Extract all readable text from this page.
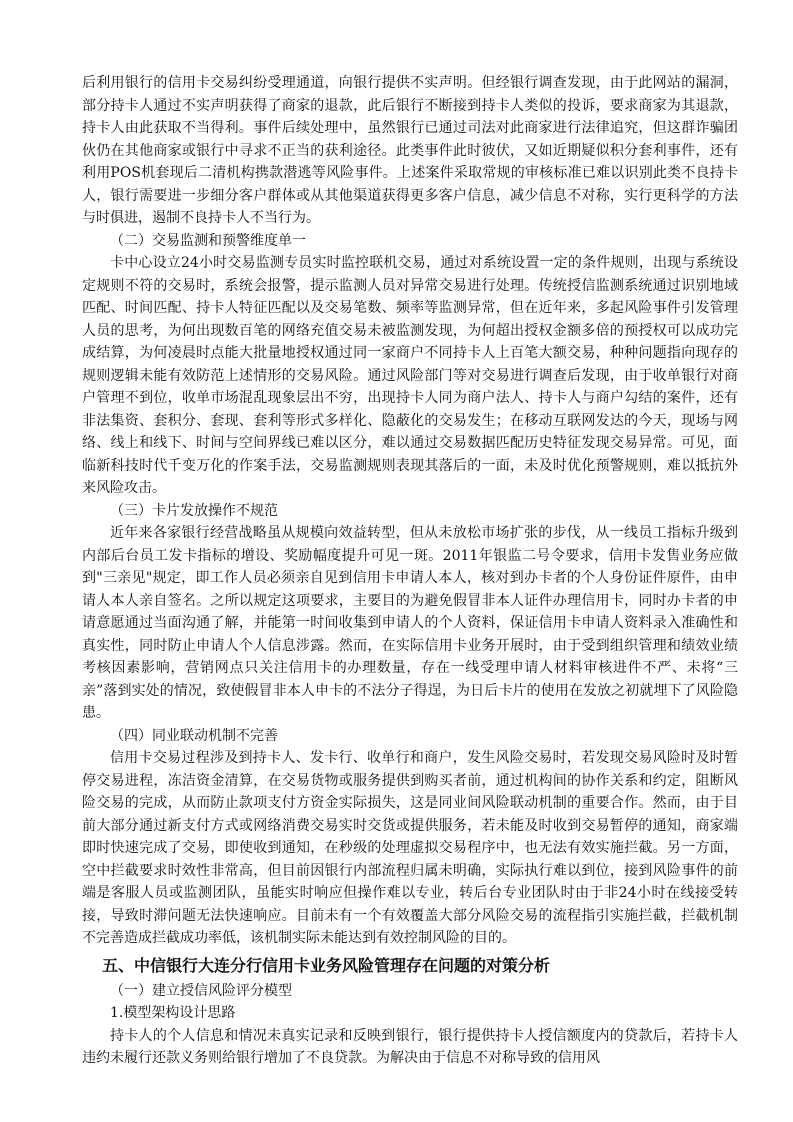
后利用银行的信用卡交易纠纷受理通道，向银行提供不实声明。但经银行调查发现，由于此网站的漏洞，部分持卡人通过不实声明获得了商家的退款，此后银行不断接到持卡人类似的投诉，要求商家为其退款，持卡人由此获取不当得利。事件后续处理中，虽然银行已通过司法对此商家进行法律追究，但这群诈骗团伙仍在其他商家或银行中寻求不正当的获利途径。此类事件此时彼伏，又如近期疑似积分套利事件，还有利用POS机套现后二清机构携款潜逃等风险事件。上述案件采取常规的审核标准已难以识别此类不良持卡人，银行需要进一步细分客户群体或从其他渠道获得更多客户信息，减少信息不对称，实行更科学的方法与时俱进，遏制不良持卡人不当行为。

（二）交易监测和预警维度单一

卡中心设立24小时交易监测专员实时监控联机交易，通过对系统设置一定的条件规则，出现与系统设定规则不符的交易时，系统会报警，提示监测人员对异常交易进行处理。传统授信监测系统通过识别地域匹配、时间匹配、持卡人特征匹配以及交易笔数、频率等监测异常，但在近年来，多起风险事件引发管理人员的思考，为何出现数百笔的网络充值交易未被监测发现，为何超出授权金额多倍的预授权可以成功完成结算，为何凌晨时点能大批量地授权通过同一家商户不同持卡人上百笔大额交易，种种问题指向现存的规则逻辑未能有效防范上述情形的交易风险。通过风险部门等对交易进行调查后发现，由于收单银行对商户管理不到位，收单市场混乱现象层出不穷，出现持卡人同为商户法人、持卡人与商户勾结的案件，还有非法集资、套积分、套现、套利等形式多样化、隐蔽化的交易发生；在移动互联网发达的今天，现场与网络、线上和线下、时间与空间界线已难以区分，难以通过交易数据匹配历史特征发现交易异常。可见，面临新科技时代千变万化的作案手法，交易监测规则表现其落后的一面，未及时优化预警规则，难以抵抗外来风险攻击。

（三）卡片发放操作不规范

近年来各家银行经营战略虽从规模向效益转型，但从未放松市场扩张的步伐，从一线员工指标升级到内部后台员工发卡指标的增设、奖励幅度提升可见一斑。2011年银监二号令要求，信用卡发售业务应做到"三亲见"规定，即工作人员必须亲自见到信用卡申请人本人，核对到办卡者的个人身份证件原件，由申请人本人亲自签名。之所以规定这项要求，主要目的为避免假冒非本人证件办理信用卡，同时办卡者的申请意愿通过当面沟通了解，并能第一时间收集到申请人的个人资料，保证信用卡申请人资料录入准确性和真实性，同时防止申请人个人信息涉露。然而，在实际信用卡业务开展时，由于受到组织管理和绩效业绩考核因素影响，营销网点只关注信用卡的办理数量，存在一线受理申请人材料审核进件不严、未将“三亲”落到实处的情况，致使假冒非本人申卡的不法分子得逞，为日后卡片的使用在发放之初就埋下了风险隐患。

（四）同业联动机制不完善

信用卡交易过程涉及到持卡人、发卡行、收单行和商户，发生风险交易时，若发现交易风险时及时暂停交易进程，冻洁资金清算，在交易货物或服务提供到购买者前，通过机构间的协作关系和约定，阻断风险交易的完成，从而防止款项支付方资金实际损失，这是同业间风险联动机制的重要合作。然而，由于目前大部分通过新支付方式或网络消费交易实时交货或提供服务，若未能及时收到交易暂停的通知，商家端即时快速完成了交易，即使收到通知，在秒级的处理虚拟交易程序中，也无法有效实施拦截。另一方面，空中拦截要求时效性非常高，但目前因银行内部流程归属未明确，实际执行难以到位，接到风险事件的前端是客服人员或监测团队，虽能实时响应但操作难以专业，转后台专业团队时由于非24小时在线接受转接，导致时滞问题无法快速响应。目前未有一个有效覆盖大部分风险交易的流程指引实施拦截，拦截机制不完善造成拦截成功率低，该机制实际未能达到有效控制风险的目的。

五、中信银行大连分行信用卡业务风险管理存在问题的对策分析

（一）建立授信风险评分模型

1.模型架构设计思路

持卡人的个人信息和情况未真实记录和反映到银行，银行提供持卡人授信额度内的贷款后，若持卡人违约未履行还款义务则给银行增加了不良贷款。为解决由于信息不对称导致的信用风
